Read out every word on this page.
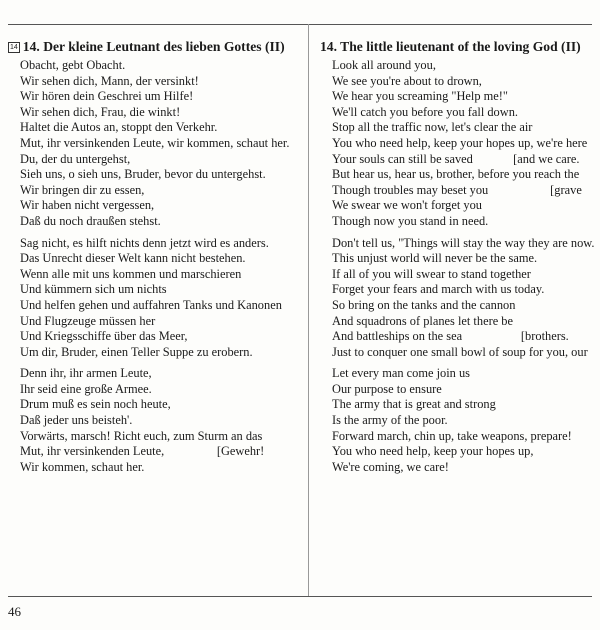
14 14. Der kleine Leutnant des lieben Gottes (II)
Obacht, gebt Obacht.
Wir sehen dich, Mann, der versinkt!
Wir hören dein Geschrei um Hilfe!
Wir sehen dich, Frau, die winkt!
Haltet die Autos an, stoppt den Verkehr.
Mut, ihr versinkenden Leute, wir kommen, schaut her.
Du, der du untergehst,
Sieh uns, o sieh uns, Bruder, bevor du untergehst.
Wir bringen dir zu essen,
Wir haben nicht vergessen,
Daß du noch draußen stehst.
Sag nicht, es hilft nichts denn jetzt wird es anders.
Das Unrecht dieser Welt kann nicht bestehen.
Wenn alle mit uns kommen und marschieren
Und kümmern sich um nichts
Und helfen gehen und auffahren Tanks und Kanonen
Und Flugzeuge müssen her
Und Kriegsschiffe über das Meer,
Um dir, Bruder, einen Teller Suppe zu erobern.
Denn ihr, ihr armen Leute,
Ihr seid eine große Armee.
Drum muß es sein noch heute,
Daß jeder uns beisteh'.
Vorwärts, marsch! Richt euch, zum Sturm an das
Mut, ihr versinkenden Leute,                 [Gewehr!
Wir kommen, schaut her.
14. The little lieutenant of the loving God (II)
Look all around you,
We see you're about to drown,
We hear you screaming "Help me!"
We'll catch you before you fall down.
Stop all the traffic now, let's clear the air
You who need help, keep your hopes up, we're here
Your souls can still be saved             [and we care.
But hear us, hear us, brother, before you reach the
Though troubles may beset you                    [grave
We swear we won't forget you
Though now you stand in need.
Don't tell us, "Things will stay the way they are now.
This unjust world will never be the same.
If all of you will swear to stand together
Forget your fears and march with us today.
So bring on the tanks and the cannon
And squadrons of planes let there be
And battleships on the sea                   [brothers.
Just to conquer one small bowl of soup for you, our
Let every man come join us
Our purpose to ensure
The army that is great and strong
Is the army of the poor.
Forward march, chin up, take weapons, prepare!
You who need help, keep your hopes up,
We're coming, we care!
46
